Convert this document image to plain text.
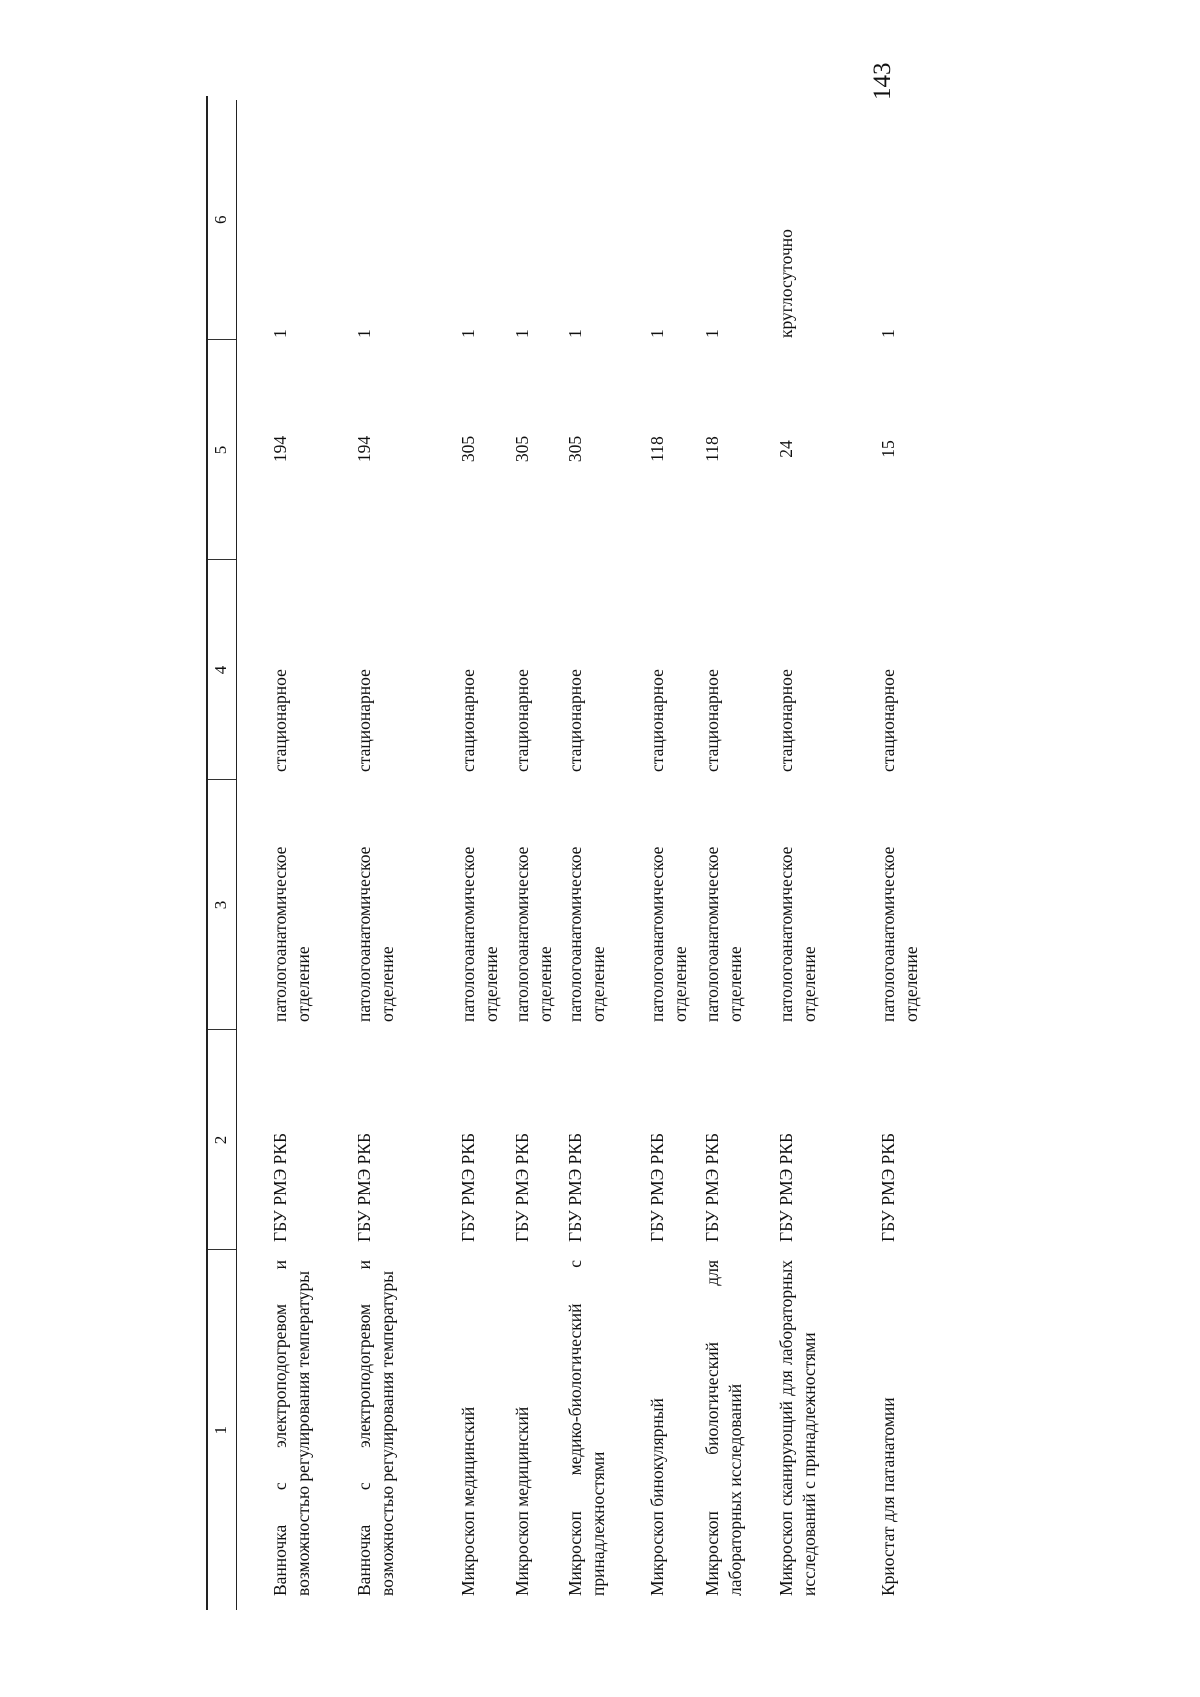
143
1	2	3	4	5	6
Ванночка с электроподогревом и возможностью регулирования температуры	ГБУ РМЭ РКБ	патологоанатомическое отделение	стационарное	194	1
Ванночка с электроподогревом и возможностью регулирования температуры	ГБУ РМЭ РКБ	патологоанатомическое отделение	стационарное	194	1
Микроскоп медицинский	ГБУ РМЭ РКБ	патологоанатомическое отделение	стационарное	305	1
Микроскоп медицинский	ГБУ РМЭ РКБ	патологоанатомическое отделение	стационарное	305	1
Микроскоп медико-биологический с принадлежностями	ГБУ РМЭ РКБ	патологоанатомическое отделение	стационарное	305	1
Микроскоп бинокулярный	ГБУ РМЭ РКБ	патологоанатомическое отделение	стационарное	118	1
Микроскоп биологический для лабораторных исследований	ГБУ РМЭ РКБ	патологоанатомическое отделение	стационарное	118	1
Микроскоп сканирующий для лабораторных исследований с принадлежностями	ГБУ РМЭ РКБ	патологоанатомическое отделение	стационарное	24	круглосуточно
Криостат для патанатомии	ГБУ РМЭ РКБ	патологоанатомическое отделение	стационарное	15	1
